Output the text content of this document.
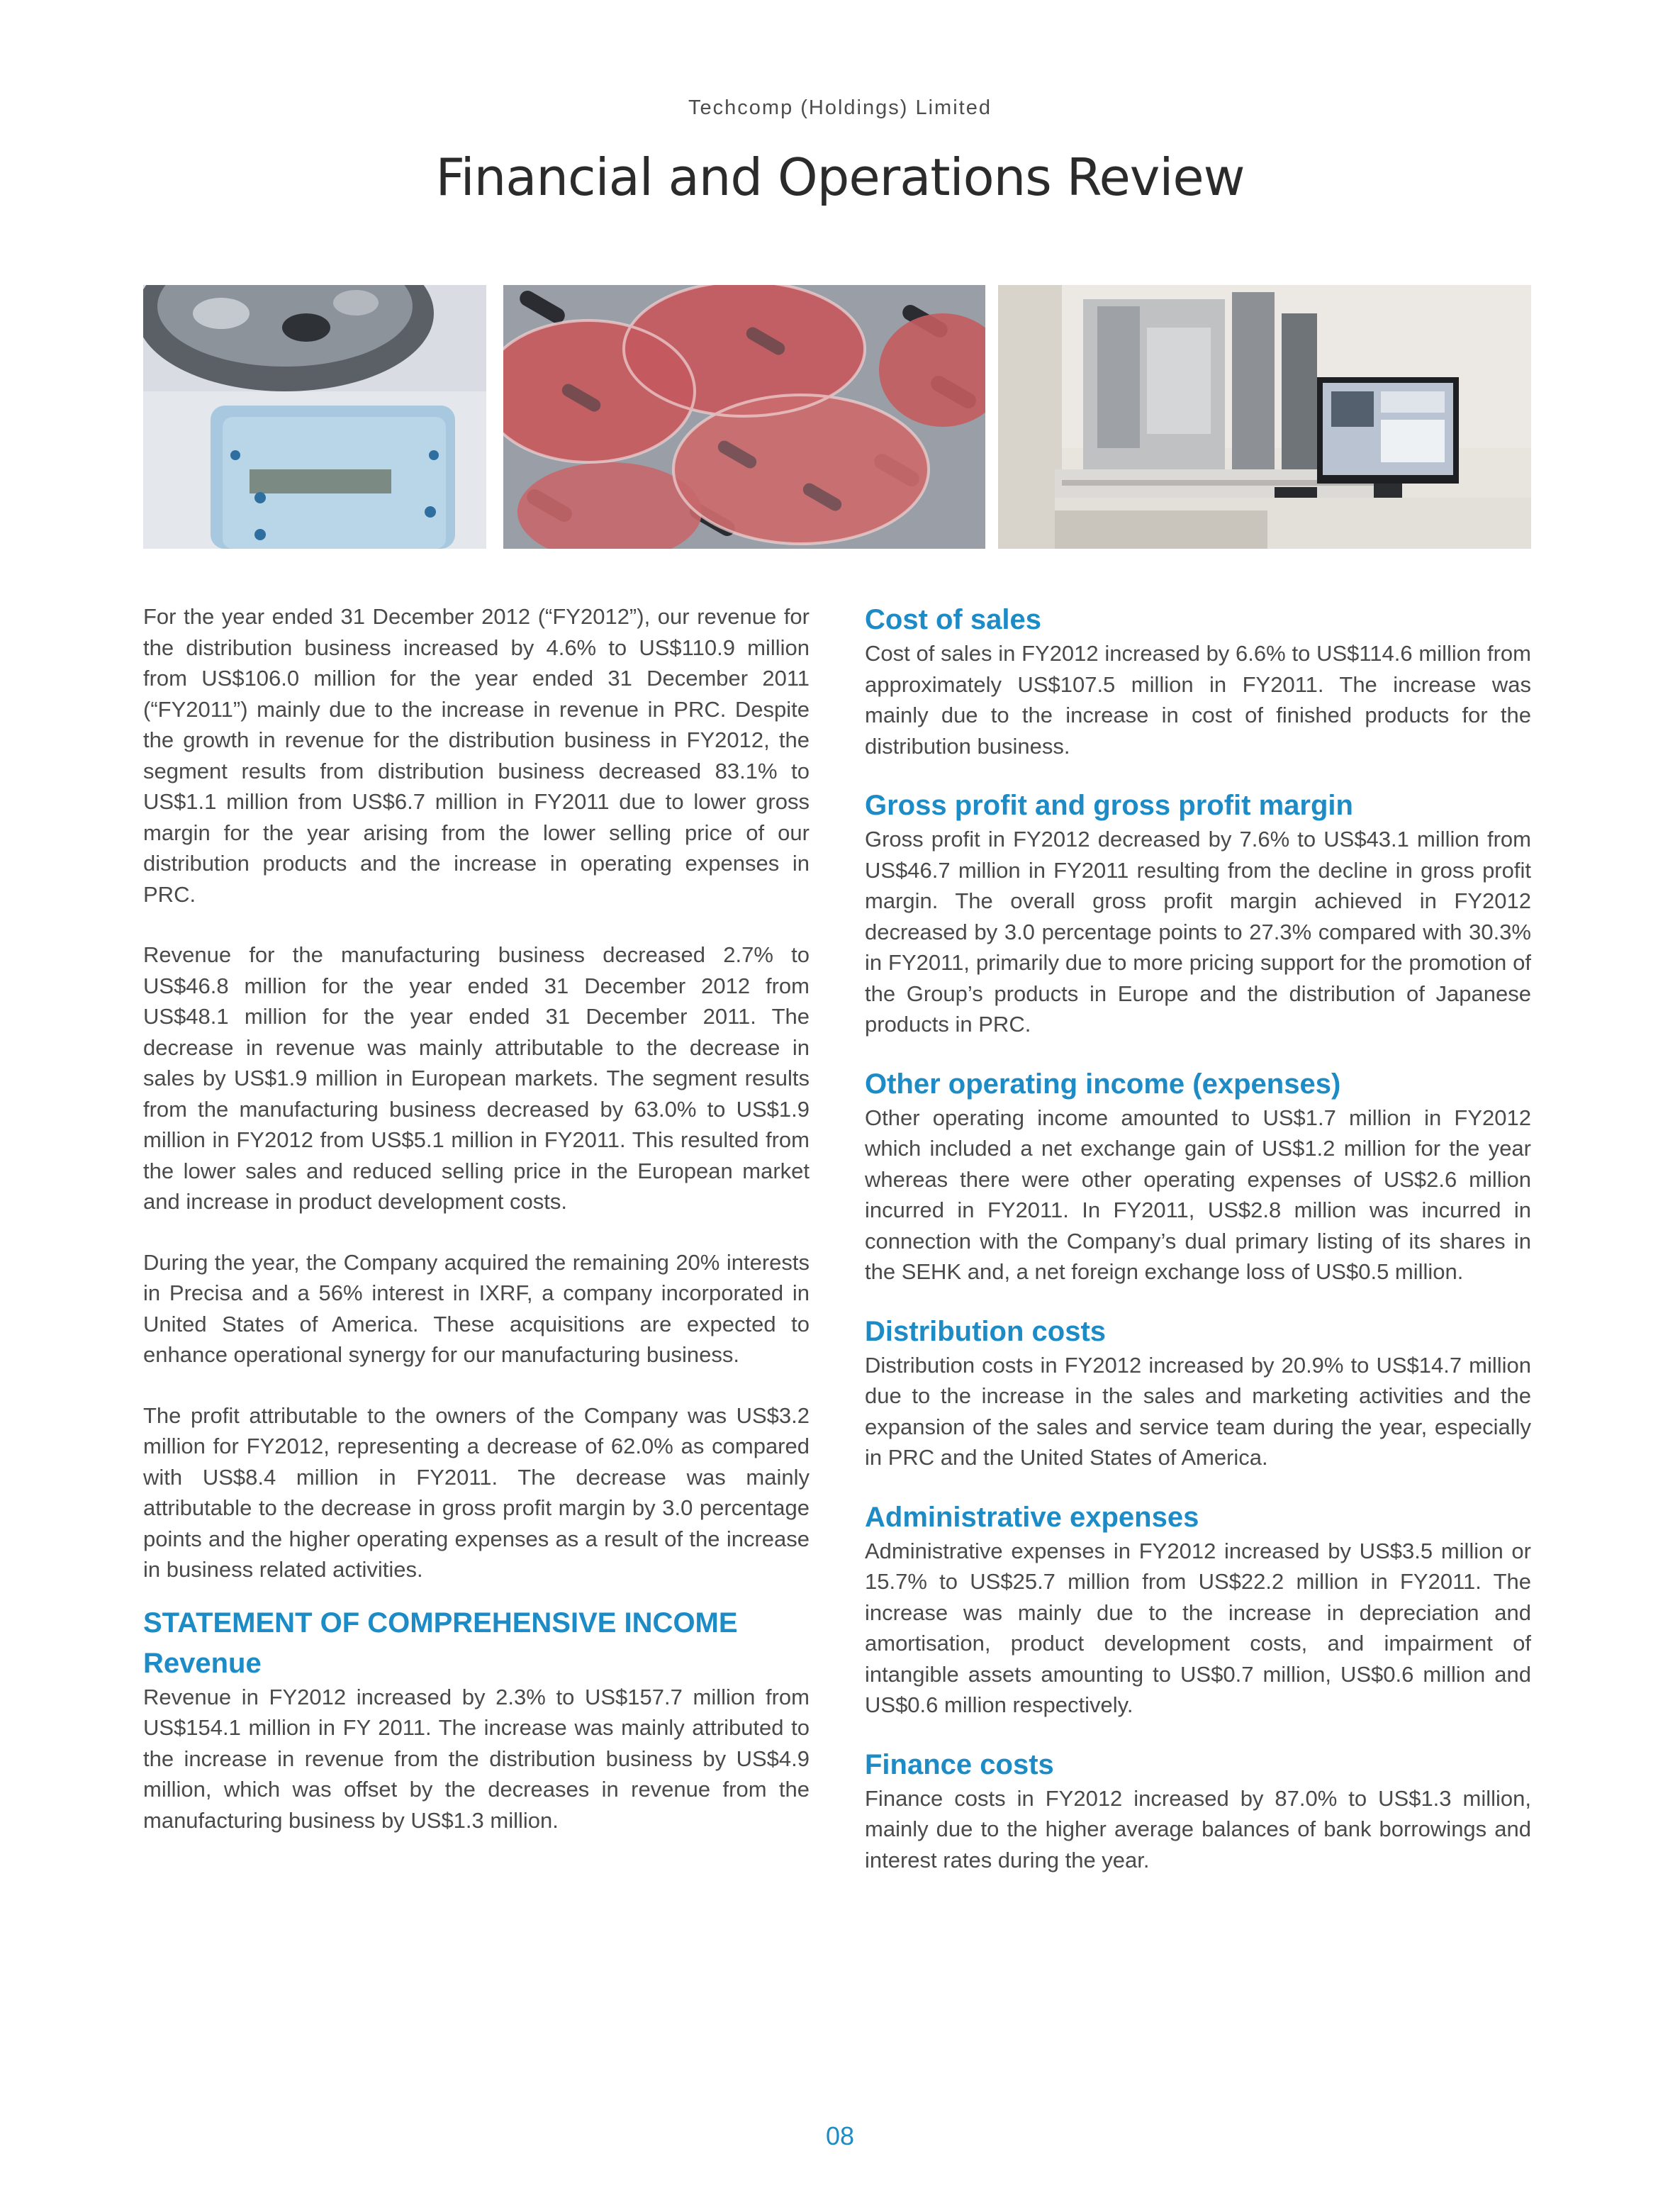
Techcomp (Holdings) Limited
Financial and Operations Review

For the year ended 31 December 2012 (“FY2012”), our revenue for the distribution business increased by 4.6% to US$110.9 million from US$106.0 million for the year ended 31 December 2011 (“FY2011”) mainly due to the increase in revenue in PRC. Despite the growth in revenue for the distribution business in FY2012, the segment results from distribution business decreased 83.1% to US$1.1 million from US$6.7 million in FY2011 due to lower gross margin for the year arising from the lower selling price of our distribution products and the increase in operating expenses in PRC.

Revenue for the manufacturing business decreased 2.7% to US$46.8 million for the year ended 31 December 2012 from US$48.1 million for the year ended 31 December 2011. The decrease in revenue was mainly attributable to the decrease in sales by US$1.9 million in European markets. The segment results from the manufacturing business decreased by 63.0% to US$1.9 million in FY2012 from US$5.1 million in FY2011. This resulted from the lower sales and reduced selling price in the European market and increase in product development costs.

During the year, the Company acquired the remaining 20% interests in Precisa and a 56% interest in IXRF, a company incorporated in United States of America. These acquisitions are expected to enhance operational synergy for our manufacturing business.

The profit attributable to the owners of the Company was US$3.2 million for FY2012, representing a decrease of 62.0% as compared with US$8.4 million in FY2011. The decrease was mainly attributable to the decrease in gross profit margin by 3.0 percentage points and the higher operating expenses as a result of the increase in business related activities.

STATEMENT OF COMPREHENSIVE INCOME
Revenue

Revenue in FY2012 increased by 2.3% to US$157.7 million from US$154.1 million in FY 2011. The increase was mainly attributed to the increase in revenue from the distribution business by US$4.9 million, which was offset by the decreases in revenue from the manufacturing business by US$1.3 million.

Cost of sales

Cost of sales in FY2012 increased by 6.6% to US$114.6 million from approximately US$107.5 million in FY2011. The increase was mainly due to the increase in cost of finished products for the distribution business.

Gross profit and gross profit margin

Gross profit in FY2012 decreased by 7.6% to US$43.1 million from US$46.7 million in FY2011 resulting from the decline in gross profit margin. The overall gross profit margin achieved in FY2012 decreased by 3.0 percentage points to 27.3% compared with 30.3% in FY2011, primarily due to more pricing support for the promotion of the Group’s products in Europe and the distribution of Japanese products in PRC.

Other operating income (expenses)

Other operating income amounted to US$1.7 million in FY2012 which included a net exchange gain of US$1.2 million for the year whereas there were other operating expenses of US$2.6 million incurred in FY2011. In FY2011, US$2.8 million was incurred in connection with the Company’s dual primary listing of its shares in the SEHK and, a net foreign exchange loss of US$0.5 million.

Distribution costs

Distribution costs in FY2012 increased by 20.9% to US$14.7 million due to the increase in the sales and marketing activities and the expansion of the sales and service team during the year, especially in PRC and the United States of America.

Administrative expenses

Administrative expenses in FY2012 increased by US$3.5 million or 15.7% to US$25.7 million from US$22.2 million in FY2011. The increase was mainly due to the increase in depreciation and amortisation, product development costs, and impairment of intangible assets amounting to US$0.7 million, US$0.6 million and US$0.6 million respectively.

Finance costs

Finance costs in FY2012 increased by 87.0% to US$1.3 million, mainly due to the higher average balances of bank borrowings and interest rates during the year.

08
